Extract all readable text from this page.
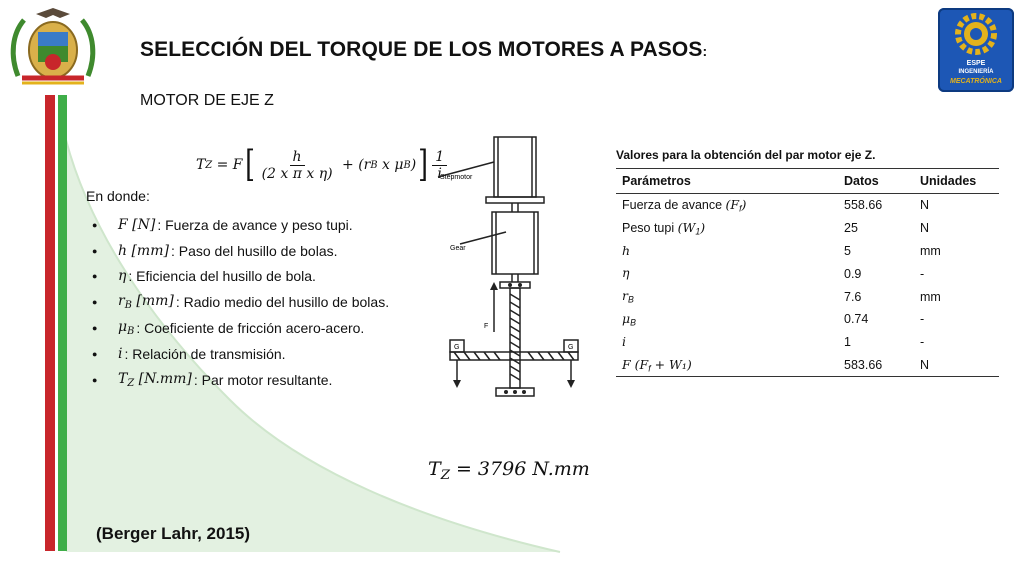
ESPE
INGENIERÍA
MECATRÓNICA
SELECCIÓN DEL TORQUE DE LOS MOTORES A PASOS:
MOTOR DE EJE Z
T Z = F [ $\frac{h}{\text{(2 x π x η)}} + (r$ B x μ B ) ] $\frac{1}{i}$
En donde:
●	F [N] : Fuerza de avance y peso tupi.
●	h [mm] : Paso del husillo de bolas.
●	η : Eficiencia del husillo de bola.
●	$r_B$ [mm] : Radio medio del husillo de bolas.
●	$\mu_B$ : Coeficiente de fricción acero-acero.
●	i : Relación de transmisión.
●	$T_Z$ [N.mm] : Par motor resultante.
Stepmotor
Gear
F
G	G
Valores para la obtención del par motor eje Z.
Parámetros	Datos	Unidades
Fuerza de avance $(F_f)$	558.66	N
Peso tupi $(W_1)$	25	N
h	5	mm
η	0.9	-
$r_B$	7.6	mm
$\mu_B$	0.74	-
i	1	-
F $(F_f + W_1)$	583.66	N
$T_Z = 3796$ N.mm
(Berger Lahr, 2015)
